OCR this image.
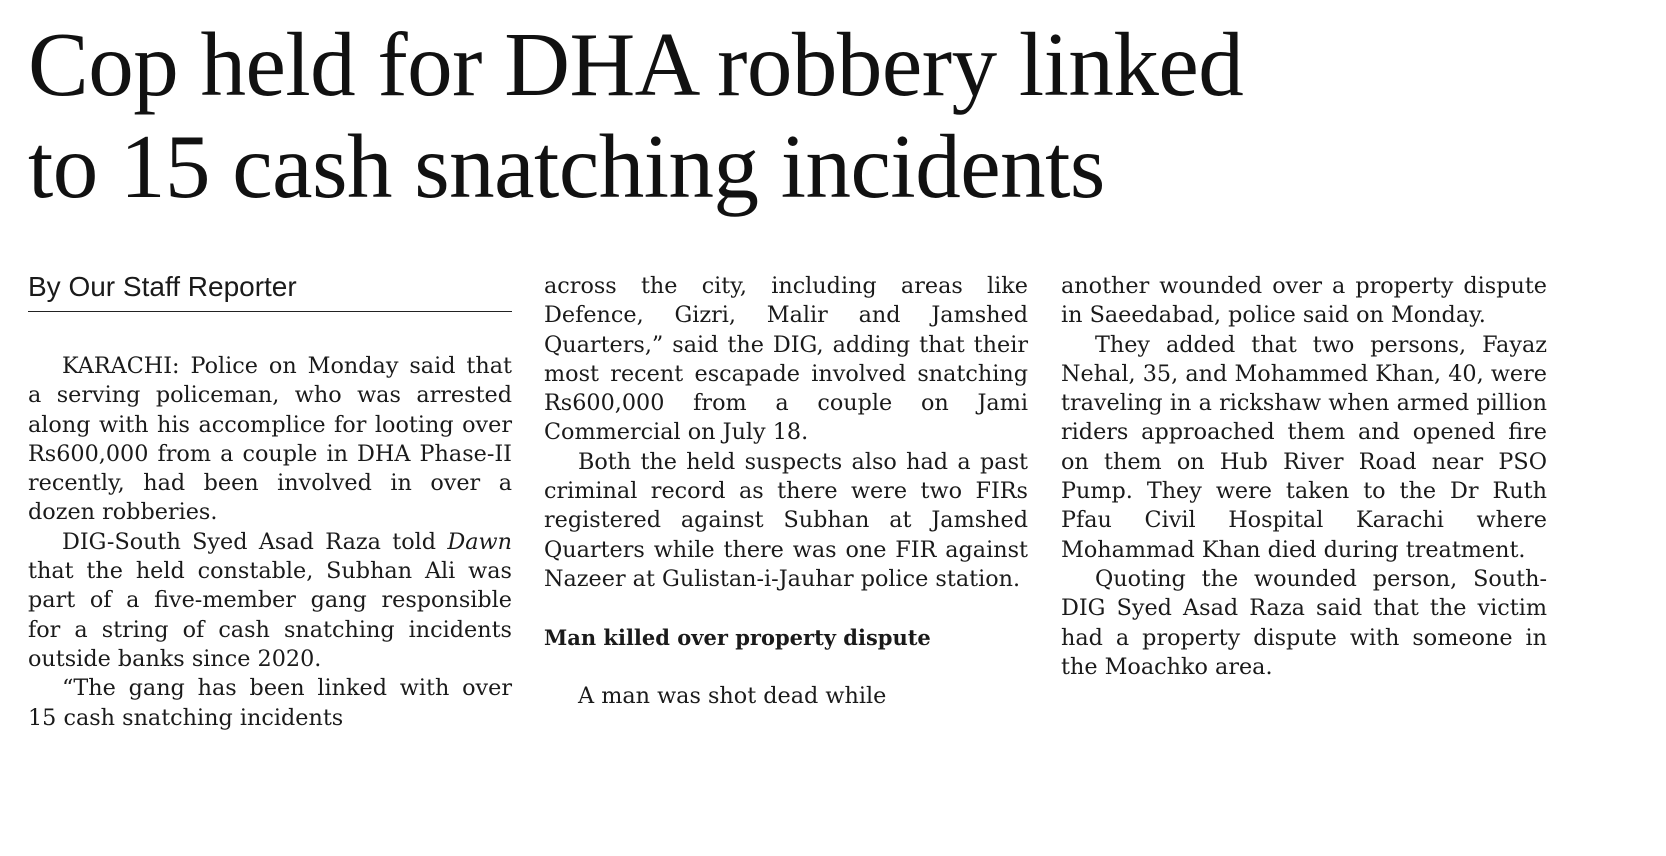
Cop held for DHA robbery linked
to 15 cash snatching incidents
By Our Staff Reporter

KARACHI: Police on Monday said that a serving policeman, who was arrested along with his accomplice for looting over Rs600,000 from a couple in DHA Phase-II recently, had been involved in over a dozen robberies.

DIG-South Syed Asad Raza told Dawn that the held constable, Subhan Ali was part of a five-member gang responsible for a string of cash snatching incidents outside banks since 2020.

“The gang has been linked with over 15 cash snatching incidents

across the city, including areas like Defence, Gizri, Malir and Jamshed Quarters,” said the DIG, adding that their most recent escapade involved snatching Rs600,000 from a couple on Jami Commercial on July 18.

Both the held suspects also had a past criminal record as there were two FIRs registered against Subhan at Jamshed Quarters while there was one FIR against Nazeer at Gulistan-i-Jauhar police station.

Man killed over property dispute

A man was shot dead while

another wounded over a property dispute in Saeedabad, police said on Monday.

They added that two persons, Fayaz Nehal, 35, and Mohammed Khan, 40, were traveling in a rickshaw when armed pillion riders approached them and opened fire on them on Hub River Road near PSO Pump. They were taken to the Dr Ruth Pfau Civil Hospital Karachi where Mohammad Khan died during treatment.

Quoting the wounded person, South-DIG Syed Asad Raza said that the victim had a property dispute with someone in the Moachko area.
